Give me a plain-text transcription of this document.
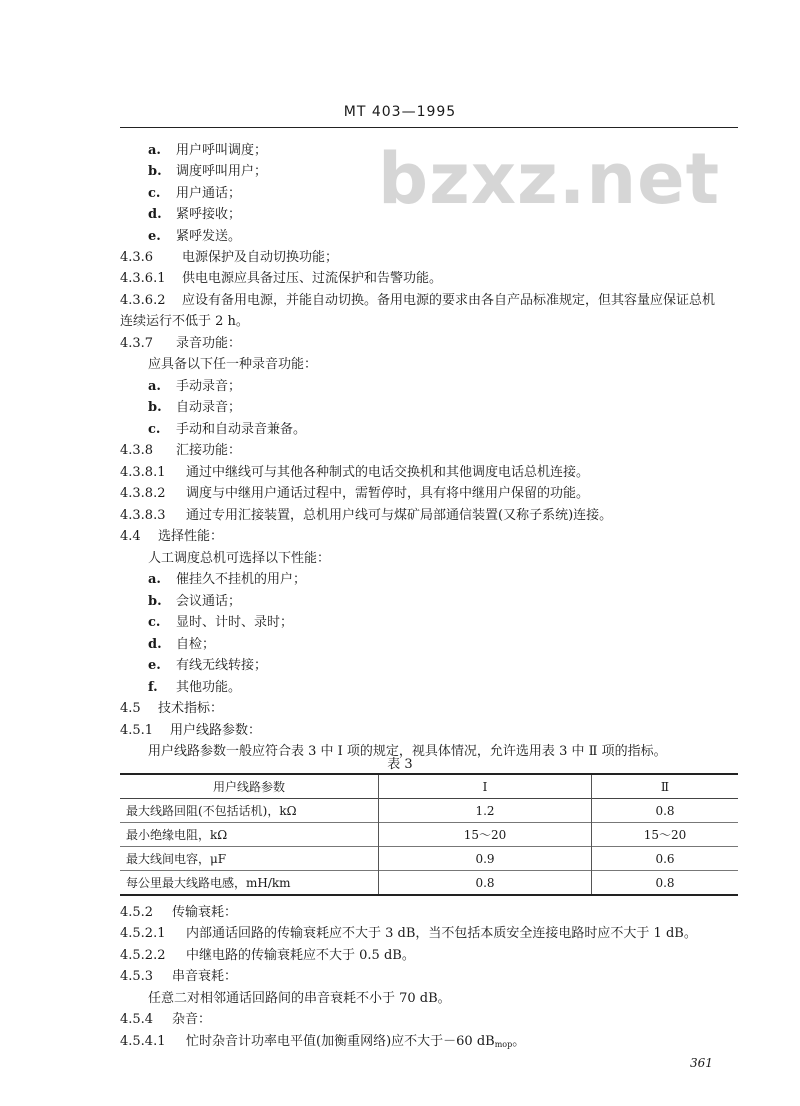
MT 403—1995
bzxz.net
a. 用户呼叫调度；
b. 调度呼叫用户；
c. 用户通话；
d. 紧呼接收；
e. 紧呼发送。
4.3.6 电源保护及自动切换功能；
4.3.6.1 供电电源应具备过压、过流保护和告警功能。
4.3.6.2 应设有备用电源，并能自动切换。备用电源的要求由各自产品标准规定，但其容量应保证总机
连续运行不低于 2 h。
4.3.7 录音功能：
应具备以下任一种录音功能：
a. 手动录音；
b. 自动录音；
c. 手动和自动录音兼备。
4.3.8 汇接功能：
4.3.8.1 通过中继线可与其他各种制式的电话交换机和其他调度电话总机连接。
4.3.8.2 调度与中继用户通话过程中，需暂停时，具有将中继用户保留的功能。
4.3.8.3 通过专用汇接装置，总机用户线可与煤矿局部通信装置(又称子系统)连接。
4.4 选择性能：
人工调度总机可选择以下性能：
a. 催挂久不挂机的用户；
b. 会议通话；
c. 显时、计时、录时；
d. 自检；
e. 有线无线转接；
f. 其他功能。
4.5 技术指标：
4.5.1 用户线路参数：
用户线路参数一般应符合表 3 中 I 项的规定，视具体情况，允许选用表 3 中 Ⅱ 项的指标。
表 3
用户线路参数	I	Ⅱ
最大线路回阻(不包括话机)，kΩ	1.2	0.8
最小绝缘电阻，kΩ	15～20	15～20
最大线间电容，μF	0.9	0.6
每公里最大线路电感，mH/km	0.8	0.8
4.5.2 传输衰耗：
4.5.2.1 内部通话回路的传输衰耗应不大于 3 dB，当不包括本质安全连接电路时应不大于 1 dB。
4.5.2.2 中继电路的传输衰耗应不大于 0.5 dB。
4.5.3 串音衰耗：
任意二对相邻通话回路间的串音衰耗不小于 70 dB。
4.5.4 杂音：
4.5.4.1 忙时杂音计功率电平值(加衡重网络)应不大于－60 dBmop。
361
